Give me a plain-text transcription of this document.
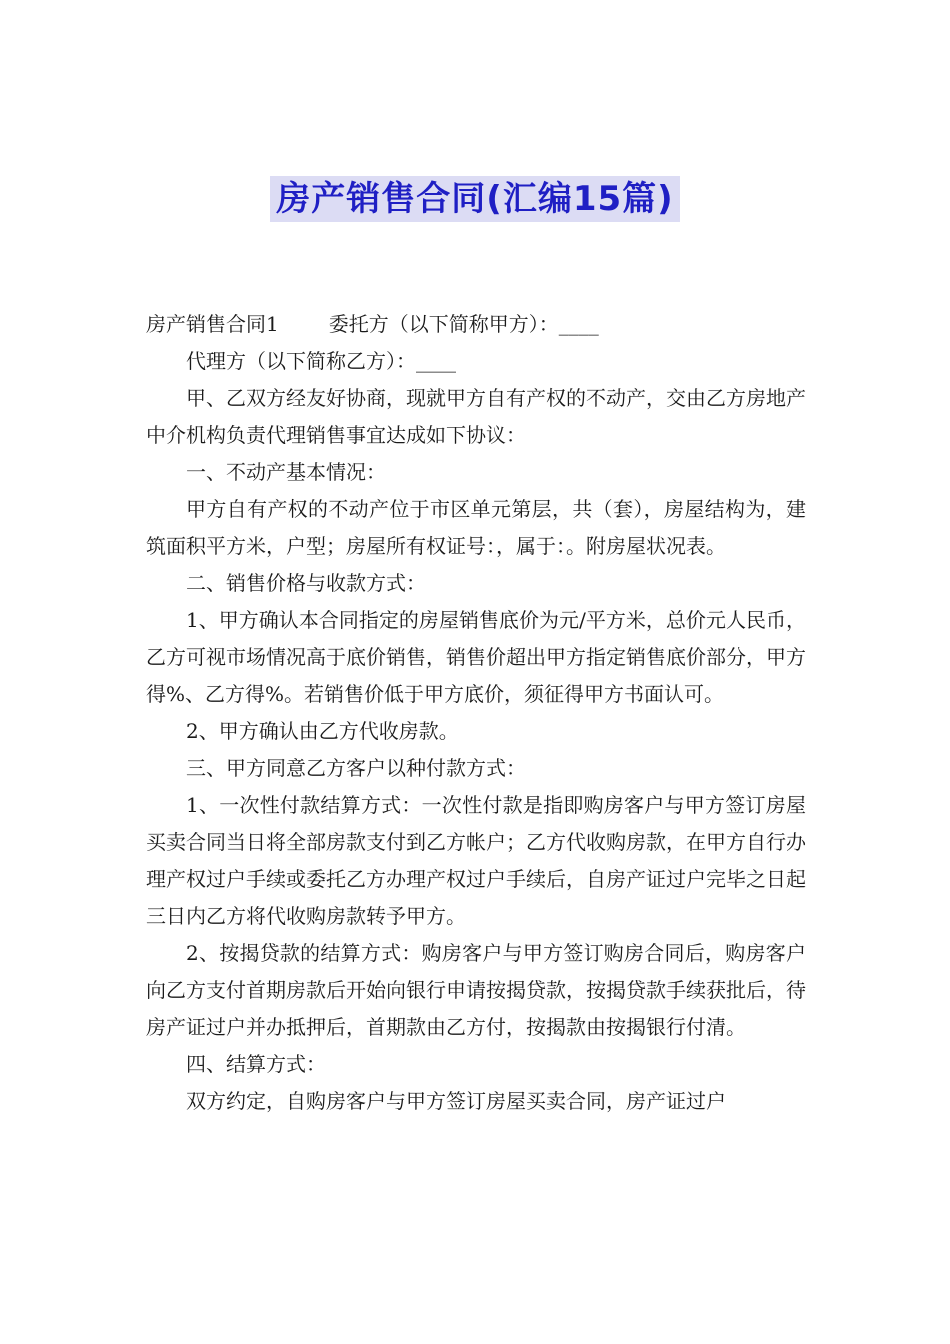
房产销售合同(汇编15篇)

房产销售合同1	委托方（以下简称甲方）：____

代理方（以下简称乙方）：____

甲、乙双方经友好协商，现就甲方自有产权的不动产，交由乙方房地产中介机构负责代理销售事宜达成如下协议：

一、不动产基本情况：

甲方自有产权的不动产位于市区单元第层，共（套），房屋结构为，建筑面积平方米，户型；房屋所有权证号：，属于：。附房屋状况表。

二、销售价格与收款方式：

1、甲方确认本合同指定的房屋销售底价为元/平方米，总价元人民币，乙方可视市场情况高于底价销售，销售价超出甲方指定销售底价部分，甲方得%、乙方得%。若销售价低于甲方底价，须征得甲方书面认可。

2、甲方确认由乙方代收房款。

三、甲方同意乙方客户以种付款方式：

1、一次性付款结算方式：一次性付款是指即购房客户与甲方签订房屋买卖合同当日将全部房款支付到乙方帐户；乙方代收购房款，在甲方自行办理产权过户手续或委托乙方办理产权过户手续后，自房产证过户完毕之日起三日内乙方将代收购房款转予甲方。

2、按揭贷款的结算方式：购房客户与甲方签订购房合同后，购房客户向乙方支付首期房款后开始向银行申请按揭贷款，按揭贷款手续获批后，待房产证过户并办抵押后，首期款由乙方付，按揭款由按揭银行付清。

四、结算方式：

双方约定，自购房客户与甲方签订房屋买卖合同，房产证过户
